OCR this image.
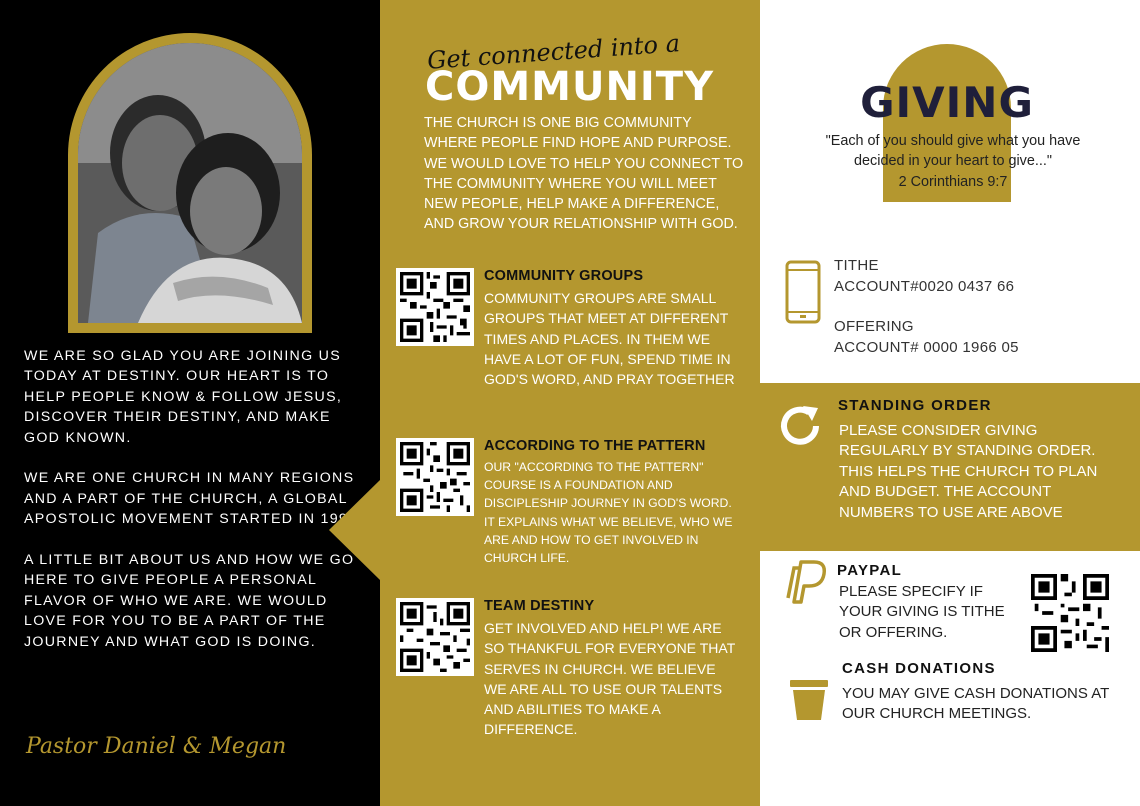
WE ARE SO GLAD YOU ARE JOINING US TODAY AT DESTINY. OUR HEART IS TO HELP PEOPLE KNOW & FOLLOW JESUS, DISCOVER THEIR DESTINY, AND MAKE GOD KNOWN.

WE ARE ONE CHURCH IN MANY REGIONS AND A PART OF THE CHURCH, A GLOBAL APOSTOLIC MOVEMENT STARTED IN 1990.

A LITTLE BIT ABOUT US AND HOW WE GO HERE TO GIVE PEOPLE A PERSONAL FLAVOR OF WHO WE ARE. WE WOULD LOVE FOR YOU TO BE A PART OF THE JOURNEY AND WHAT GOD IS DOING.
Pastor Daniel & Megan
Get connected into a
COMMUNITY
THE CHURCH IS ONE BIG COMMUNITY WHERE PEOPLE FIND HOPE AND PURPOSE. WE WOULD LOVE TO HELP YOU CONNECT TO THE COMMUNITY WHERE YOU WILL MEET NEW PEOPLE, HELP MAKE A DIFFERENCE, AND GROW YOUR RELATIONSHIP WITH GOD.
COMMUNITY GROUPS
COMMUNITY GROUPS ARE SMALL GROUPS THAT MEET AT DIFFERENT TIMES AND PLACES. IN THEM WE HAVE A LOT OF FUN, SPEND TIME IN GOD'S WORD, AND PRAY TOGETHER
ACCORDING TO THE PATTERN
OUR "ACCORDING TO THE PATTERN" COURSE IS A FOUNDATION AND DISCIPLESHIP JOURNEY IN GOD'S WORD. IT EXPLAINS WHAT WE BELIEVE, WHO WE ARE AND HOW TO GET INVOLVED IN CHURCH LIFE.
TEAM DESTINY
GET INVOLVED AND HELP! WE ARE SO THANKFUL FOR EVERYONE THAT SERVES IN CHURCH. WE BELIEVE WE ARE ALL TO USE OUR TALENTS AND ABILITIES TO MAKE A DIFFERENCE.
GIVING
"Each of you should give what you have
decided in your heart to give..."
2 Corinthians 9:7
TITHE
ACCOUNT#0020 0437 66
OFFERING
ACCOUNT# 0000 1966 05
STANDING ORDER
PLEASE CONSIDER GIVING REGULARLY BY STANDING ORDER. THIS HELPS THE CHURCH TO PLAN AND BUDGET. THE ACCOUNT NUMBERS TO USE ARE ABOVE
PAYPAL
PLEASE SPECIFY IF YOUR GIVING IS TITHE OR OFFERING.
CASH DONATIONS
YOU MAY GIVE CASH DONATIONS AT OUR CHURCH MEETINGS.
